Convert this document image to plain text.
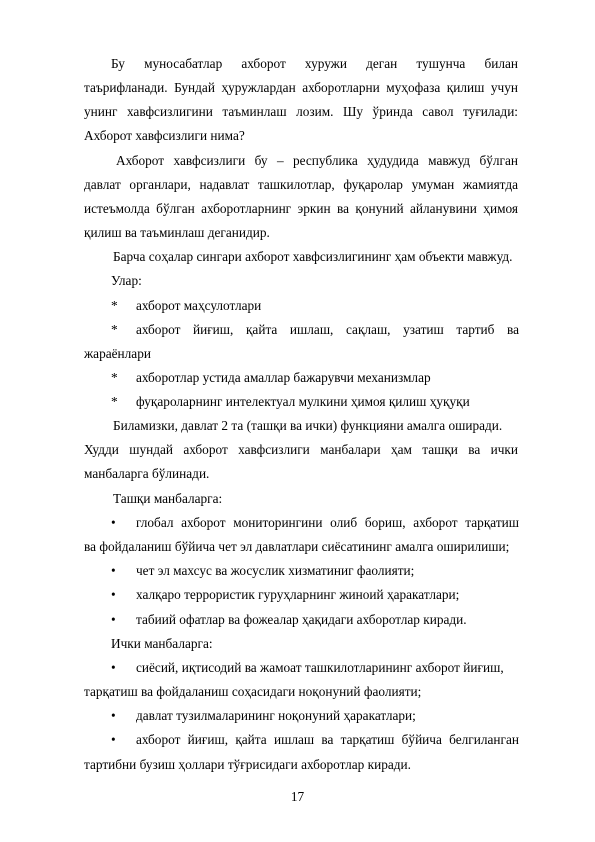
Бу муносабатлар ахборот хуружи деган тушунча билан
таърифланади. Бундай ҳуружлардан ахборотларни муҳофаза қилиш учун
унинг хавфсизлигини таъминлаш лозим. Шу ўринда савол туғилади:
Ахборот хавфсизлиги нима?
Ахборот хавфсизлиги бу – республика ҳудудида мавжуд бўлган
давлат органлари, надавлат ташкилотлар, фуқаролар умуман жамиятда
истеъмолда бўлган ахборотларнинг эркин ва қонуний айланувини ҳимоя
қилиш ва таъминлаш деганидир.
Барча соҳалар сингари ахборот хавфсизлигининг ҳам объекти мавжуд.
Улар:
* ахборот маҳсулотлари
* ахборот йиғиш, қайта ишлаш, сақлаш, узатиш тартиб ва
жараёнлари
* ахборотлар устида амаллар бажарувчи механизмлар
* фуқароларнинг интелектуал мулкини ҳимоя қилиш ҳуқуқи
Биламизки, давлат 2 та (ташқи ва ички) функцияни амалга оширади.
Худди шундай ахборот хавфсизлиги манбалари ҳам ташқи ва ички
манбаларга бўлинади.
Ташқи манбаларга:
• глобал ахборот мониторингини олиб бориш, ахборот тарқатиш
ва фойдаланиш бўйича чет эл давлатлари сиёсатининг амалга оширилиши;
• чет эл махсус ва жосуслик хизматиниг фаолияти;
• халқаро террористик гуруҳларнинг жиноий ҳаракатлари;
• табиий офатлар ва фожеалар ҳақидаги ахборотлар киради.
Ички манбаларга:
• сиёсий, иқтисодий ва жамоат ташкилотларининг ахборот йиғиш,
тарқатиш ва фойдаланиш соҳасидаги ноқонуний фаолияти;
• давлат тузилмаларининг ноқонуний ҳаракатлари;
• ахборот йиғиш, қайта ишлаш ва тарқатиш бўйича белгиланган
тартибни бузиш ҳоллари тўғрисидаги ахборотлар киради.
17
